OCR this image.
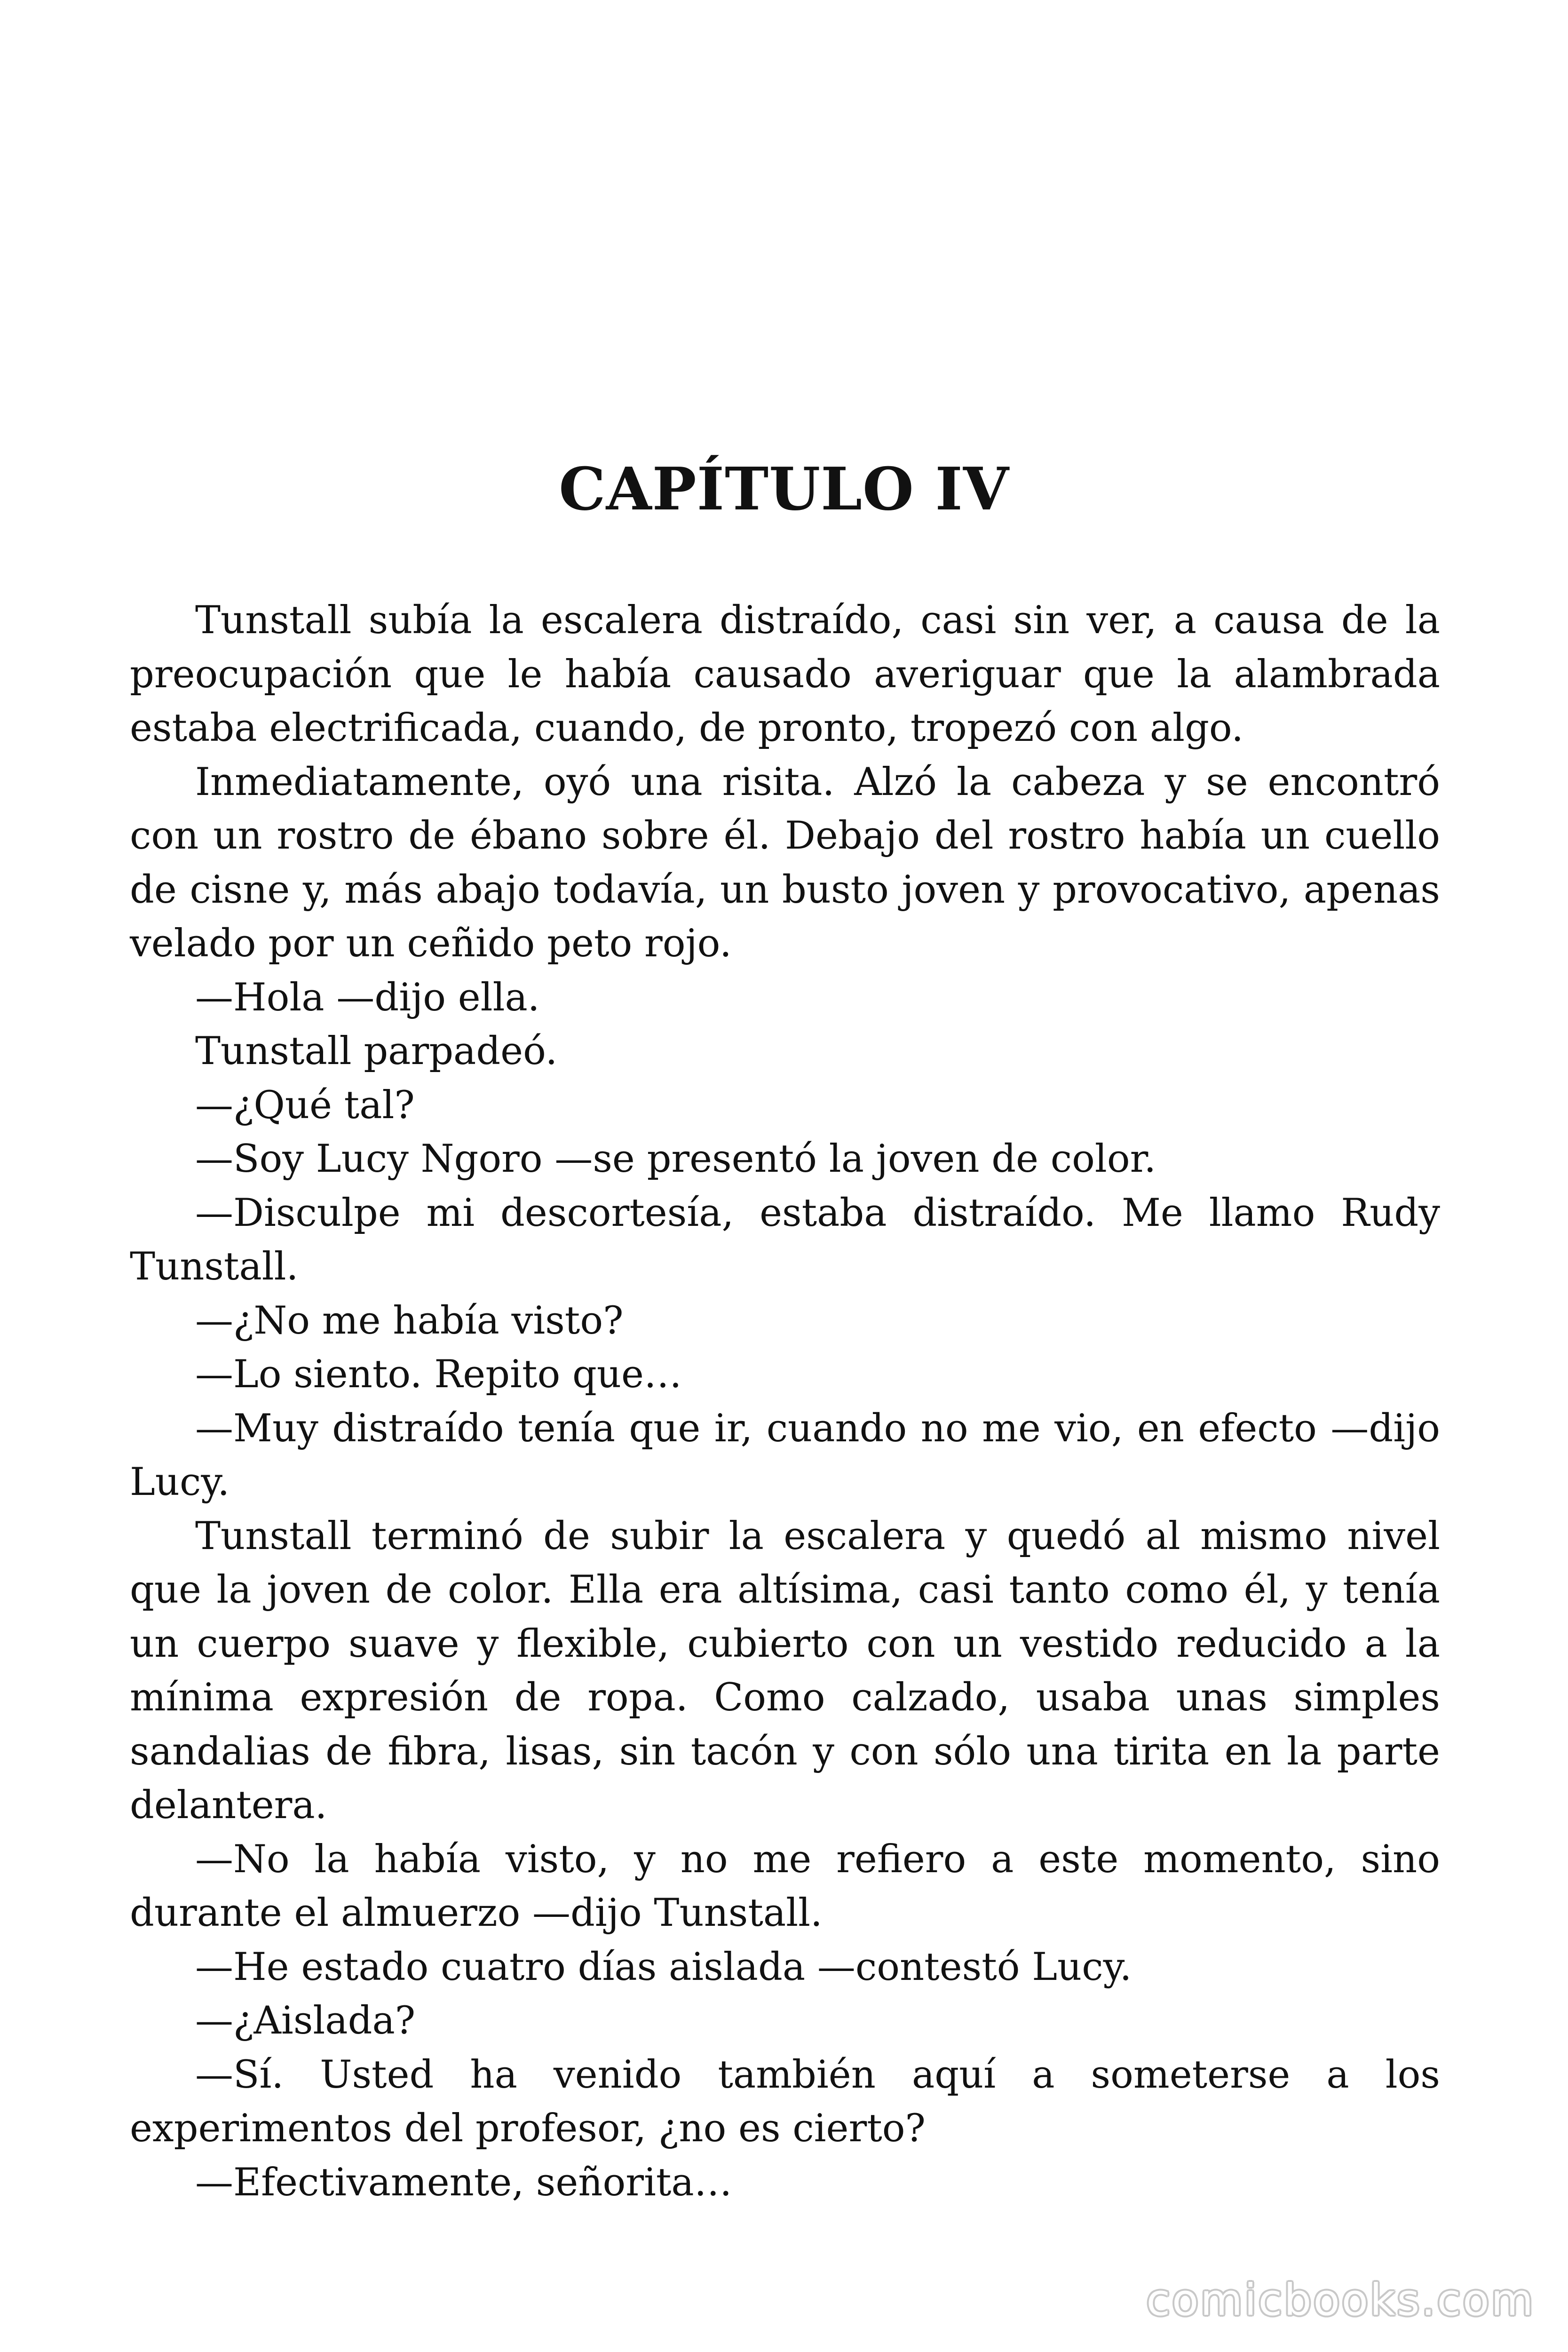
CAPÍTULO IV

Tunstall subía la escalera distraído, casi sin ver, a causa de la preocupación que le había causado averiguar que la alambrada estaba electrificada, cuando, de pronto, tropezó con algo.

Inmediatamente, oyó una risita. Alzó la cabeza y se encontró con un rostro de ébano sobre él. Debajo del rostro había un cuello de cisne y, más abajo todavía, un busto joven y provocativo, apenas velado por un ceñido peto rojo.

—Hola —dijo ella.

Tunstall parpadeó.

—¿Qué tal?

—Soy Lucy Ngoro —se presentó la joven de color.

—Disculpe mi descortesía, estaba distraído. Me llamo Rudy Tunstall.

—¿No me había visto?

—Lo siento. Repito que…

—Muy distraído tenía que ir, cuando no me vio, en efecto —dijo Lucy.

Tunstall terminó de subir la escalera y quedó al mismo nivel que la joven de color. Ella era altísima, casi tanto como él, y tenía un cuerpo suave y flexible, cubierto con un vestido reducido a la mínima expresión de ropa. Como calzado, usaba unas simples sandalias de fibra, lisas, sin tacón y con sólo una tirita en la parte delantera.

—No la había visto, y no me refiero a este momento, sino durante el almuerzo —dijo Tunstall.

—He estado cuatro días aislada —contestó Lucy.

—¿Aislada?

—Sí. Usted ha venido también aquí a someterse a los experimentos del profesor, ¿no es cierto?

—Efectivamente, señorita…

comicbooks.com
